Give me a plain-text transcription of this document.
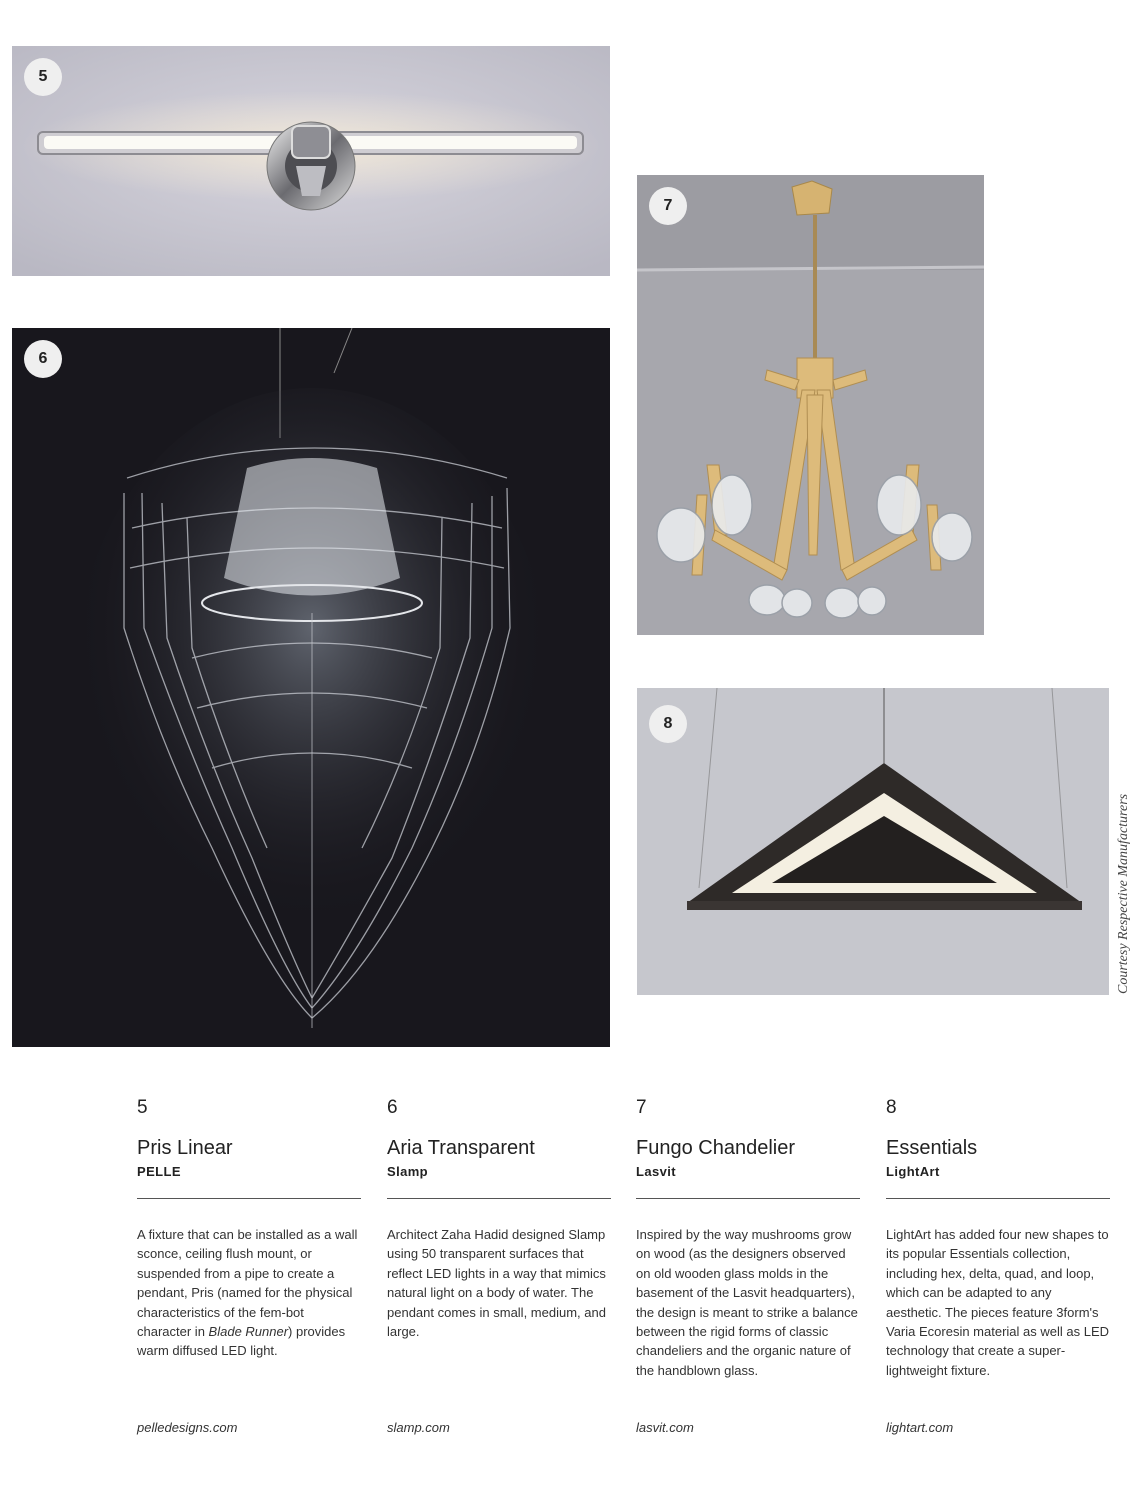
5
6
7
8
Courtesy Respective Manufacturers
5
Pris Linear
PELLE
A fixture that can be installed as a wall sconce, ceiling flush mount, or suspended from a pipe to create a pendant, Pris (named for the physical characteristics of the fem-bot character in Blade Runner) provides warm diffused LED light.
pelledesigns.com
6
Aria Transparent
Slamp
Architect Zaha Hadid designed Slamp using 50 transparent surfaces that reflect LED lights in a way that mimics natural light on a body of water. The pendant comes in small, medium, and large.
slamp.com
7
Fungo Chandelier
Lasvit
Inspired by the way mushrooms grow on wood (as the designers observed on old wooden glass molds in the basement of the Lasvit headquarters), the design is meant to strike a balance between the rigid forms of classic chandeliers and the organic nature of the handblown glass.
lasvit.com
8
Essentials
LightArt
LightArt has added four new shapes to its popular Essentials collection, including hex, delta, quad, and loop, which can be adapted to any aesthetic. The pieces feature 3form's Varia Ecoresin material as well as LED technology that create a super-lightweight fixture.
lightart.com
